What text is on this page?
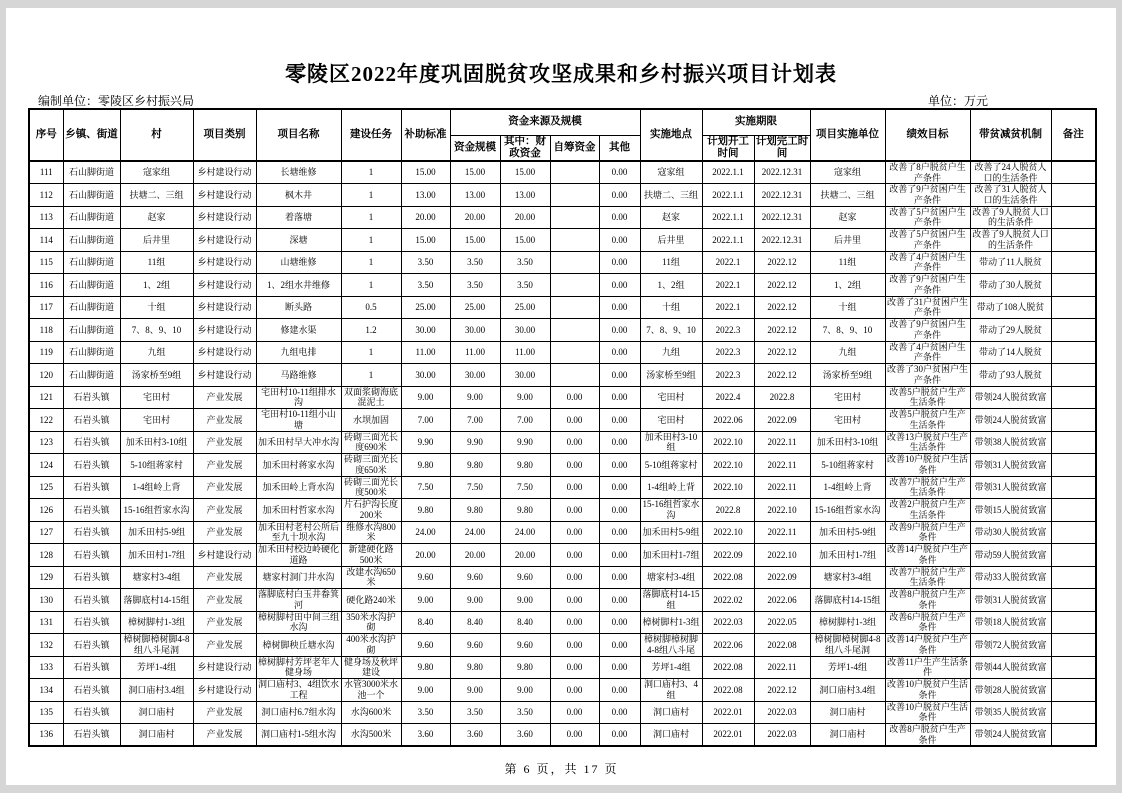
零陵区2022年度巩固脱贫攻坚成果和乡村振兴项目计划表
编制单位：零陵区乡村振兴局	单位：万元
序号	乡镇、街道	村	项目类别	项目名称	建设任务	补助标准	资金来源及规模				实施地点	实施期限		项目实施单位	绩效目标	带贫减贫机制	备注
							资金规模	其中：财政资金	自筹资金	其他		计划开工时间	计划完工时间				
111	石山脚街道	寇家组	乡村建设行动	长塘维修	1	15.00	15.00	15.00		0.00	寇家组	2022.1.1	2022.12.31	寇家组	改善了8户脱贫户生产条件	改善了24人脱贫人口的生活条件	
112	石山脚街道	扶塘二、三组	乡村建设行动	枫木井	1	13.00	13.00	13.00		0.00	扶塘二、三组	2022.1.1	2022.12.31	扶塘二、三组	改善了9户贫困户生产条件	改善了31人脱贫人口的生活条件	
113	石山脚街道	赵家	乡村建设行动	着落塘	1	20.00	20.00	20.00		0.00	赵家	2022.1.1	2022.12.31	赵家	改善了5户贫困户生产条件	改善了9人脱贫人口的生活条件	
114	石山脚街道	后井里	乡村建设行动	深塘	1	15.00	15.00	15.00		0.00	后井里	2022.1.1	2022.12.31	后井里	改善了5户贫困户生产条件	改善了9人脱贫人口的生活条件	
115	石山脚街道	11组	乡村建设行动	山塘维修	1	3.50	3.50	3.50		0.00	11组	2022.1	2022.12	11组	改善了4户贫困户生产条件	带动了11人脱贫	
116	石山脚街道	1、2组	乡村建设行动	1、2组水井维修	1	3.50	3.50	3.50		0.00	1、2组	2022.1	2022.12	1、2组	改善了9户贫困户生产条件	带动了30人脱贫	
117	石山脚街道	十组	乡村建设行动	断头路	0.5	25.00	25.00	25.00		0.00	十组	2022.1	2022.12	十组	改善了31户贫困户生产条件	带动了108人脱贫	
118	石山脚街道	7、8、9、10	乡村建设行动	修建水渠	1.2	30.00	30.00	30.00		0.00	7、8、9、10	2022.3	2022.12	7、8、9、10	改善了9户贫困户生产条件	带动了29人脱贫	
119	石山脚街道	九组	乡村建设行动	九组电排	1	11.00	11.00	11.00		0.00	九组	2022.3	2022.12	九组	改善了4户贫困户生产条件	带动了14人脱贫	
120	石山脚街道	汤家桥至9组	乡村建设行动	马路维修	1	30.00	30.00	30.00		0.00	汤家桥至9组	2022.3	2022.12	汤家桥至9组	改善了30户贫困户生产条件	带动了93人脱贫	
121	石岩头镇	宅田村	产业发展	宅田村10-11组排水沟	双面浆砌海底混泥土	9.00	9.00	9.00	0.00	0.00	宅田村	2022.4	2022.8	宅田村	改善5户脱贫户生产生活条件	带领24人脱贫致富	
122	石岩头镇	宅田村	产业发展	宅田村10-11组小山塘	水坝加固	7.00	7.00	7.00	0.00	0.00	宅田村	2022.06	2022.09	宅田村	改善5户脱贫户生产生活条件	带领24人脱贫致富	
123	石岩头镇	加禾田村3-10组	产业发展	加禾田村早大冲水沟	砖砌三面光长度690米	9.90	9.90	9.90	0.00	0.00	加禾田村3-10组	2022.10	2022.11	加禾田村3-10组	改善13户脱贫户生产生活条件	带领38人脱贫致富	
124	石岩头镇	5-10组蒋家村	产业发展	加禾田村蒋家水沟	砖砌三面光长度650米	9.80	9.80	9.80	0.00	0.00	5-10组蒋家村	2022.10	2022.11	5-10组蒋家村	改善10户脱贫户生活条件	带领31人脱贫致富	
125	石岩头镇	1-4组岭上背	产业发展	加禾田岭上背水沟	砖砌三面光长度500米	7.50	7.50	7.50	0.00	0.00	1-4组岭上背	2022.10	2022.11	1-4组岭上背	改善7户脱贫户生产生活条件	带领31人脱贫致富	
126	石岩头镇	15-16组哲家水沟	产业发展	加禾田村哲家水沟	片石护沟长度200米	9.80	9.80	9.80	0.00	0.00	15-16组哲家水沟	2022.8	2022.10	15-16组哲家水沟	改善2户脱贫户生产生活条件	带领15人脱贫致富	
127	石岩头镇	加禾田村5-9组	产业发展	加禾田村老村公所后至九十坝水沟	维修水沟800米	24.00	24.00	24.00	0.00	0.00	加禾田村5-9组	2022.10	2022.11	加禾田村5-9组	改善9户脱贫户生产条件	带动30人脱贫致富	
128	石岩头镇	加禾田村1-7组	乡村建设行动	加禾田村校边岭硬化道路	新建硬化路500米	20.00	20.00	20.00	0.00	0.00	加禾田村1-7组	2022.09	2022.10	加禾田村1-7组	改善14户脱贫户生产条件	带动59人脱贫致富	
129	石岩头镇	塘家村3-4组	产业发展	塘家村洞门井水沟	改建水沟650米	9.60	9.60	9.60	0.00	0.00	塘家村3-4组	2022.08	2022.09	塘家村3-4组	改善7户脱贫户生产生活条件	带动33人脱贫致富	
130	石岩头镇	落脚底村14-15组	产业发展	落脚底村白玉井畚箕河	硬化路240米	9.00	9.00	9.00	0.00	0.00	落脚底村14-15组	2022.02	2022.06	落脚底村14-15组	改善8户脱贫户生产条件	带领31人脱贫致富	
131	石岩头镇	樟树脚村1-3组	产业发展	樟树脚村田中间三组水沟	350米水沟护砌	8.40	8.40	8.40	0.00	0.00	樟树脚村1-3组	2022.03	2022.05	樟树脚村1-3组	改善6户脱贫户生产条件	带领18人脱贫致富	
132	石岩头镇	樟树脚樟树脚4-8组八斗尾洞	产业发展	樟树脚秧丘塘水沟	400米水沟护砌	9.60	9.60	9.60	0.00	0.00	樟树脚樟树脚4-8组八斗尾	2022.06	2022.08	樟树脚樟树脚4-8组八斗尾洞	改善14户脱贫户生产条件	带领72人脱贫致富	
133	石岩头镇	芳坪1-4组	乡村建设行动	樟树脚村芳坪老年人健身场	健身场及秋坪建设	9.80	9.80	9.80	0.00	0.00	芳坪1-4组	2022.08	2022.11	芳坪1-4组	改善11户生产生活条件	带领44人脱贫致富	
134	石岩头镇	洞口庙村3.4组	乡村建设行动	洞口庙村3、4组饮水工程	水管3000米水池一个	9.00	9.00	9.00	0.00	0.00	洞口庙村3、4组	2022.08	2022.12	洞口庙村3.4组	改善10户脱贫户生活条件	带领28人脱贫致富	
135	石岩头镇	洞口庙村	产业发展	洞口庙村6.7组水沟	水沟600米	3.50	3.50	3.50	0.00	0.00	洞口庙村	2022.01	2022.03	洞口庙村	改善10户脱贫户生活条件	带领35人脱贫致富	
136	石岩头镇	洞口庙村	产业发展	洞口庙村1-5组水沟	水沟500米	3.60	3.60	3.60	0.00	0.00	洞口庙村	2022.01	2022.03	洞口庙村	改善8户脱贫户生产条件	带领24人脱贫致富	
第 6 页，共 17 页
